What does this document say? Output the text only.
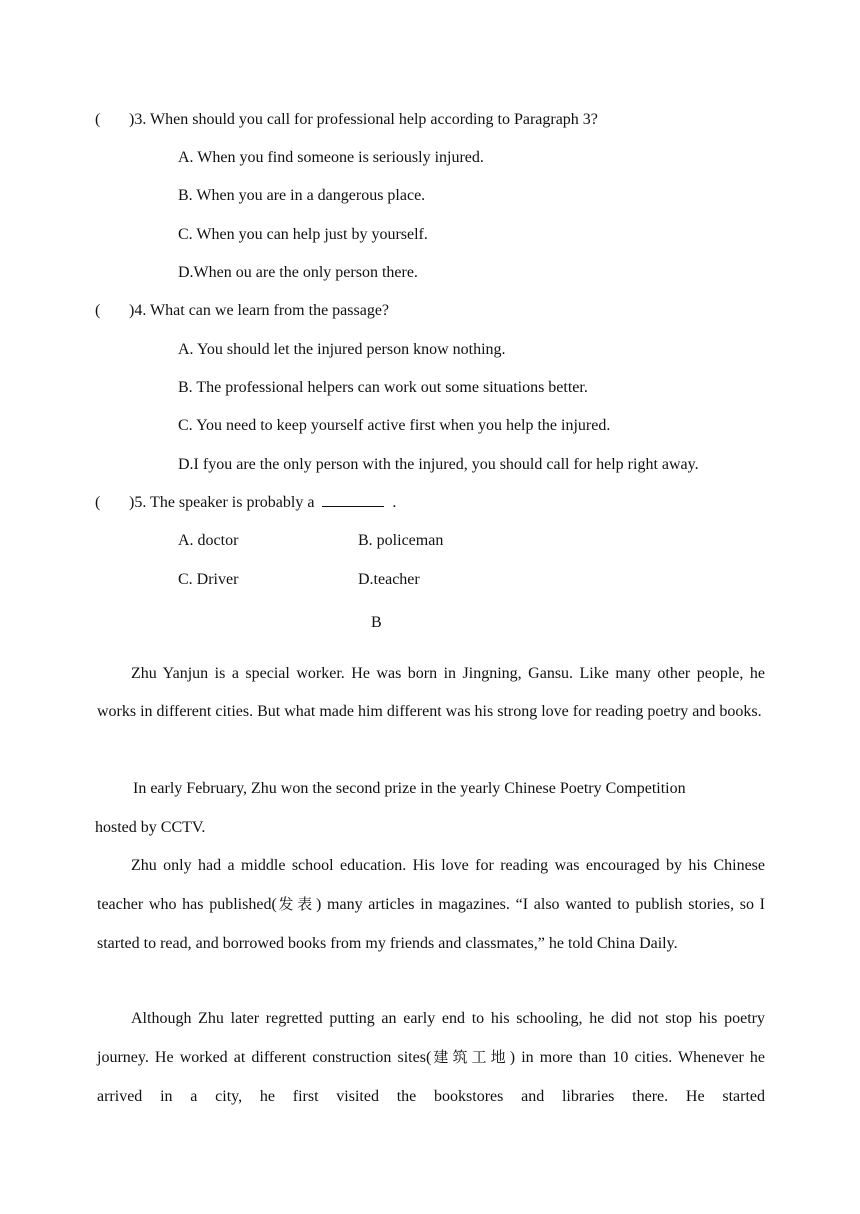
( )3. When should you call for professional help according to Paragraph 3?
A. When you find someone is seriously injured.
B. When you are in a dangerous place.
C. When you can help just by yourself.
D.When ou are the only person there.
( )4. What can we learn from the passage?
A. You should let the injured person know nothing.
B. The professional helpers can work out some situations better.
C. You need to keep yourself active first when you help the injured.
D.I fyou are the only person with the injured, you should call for help right away.
( )5. The speaker is probably a	.
A. doctor	B. policeman
C. Driver	D.teacher
B

Zhu Yanjun is a special worker. He was born in Jingning, Gansu. Like many other people, he works in different cities. But what made him different was his strong love for reading poetry and books.

In early February, Zhu won the second prize in the yearly Chinese Poetry Competition
hosted by CCTV.

Zhu only had a middle school education. His love for reading was encouraged by his Chinese teacher who has published(发表) many articles in magazines. “I also wanted to publish stories, so I started to read, and borrowed books from my friends and classmates,” he told China Daily.

Although Zhu later regretted putting an early end to his schooling, he did not stop his poetry journey. He worked at different construction sites(建筑工地) in more than 10 cities. Whenever he arrived in a city, he first visited the bookstores and libraries there. He started
